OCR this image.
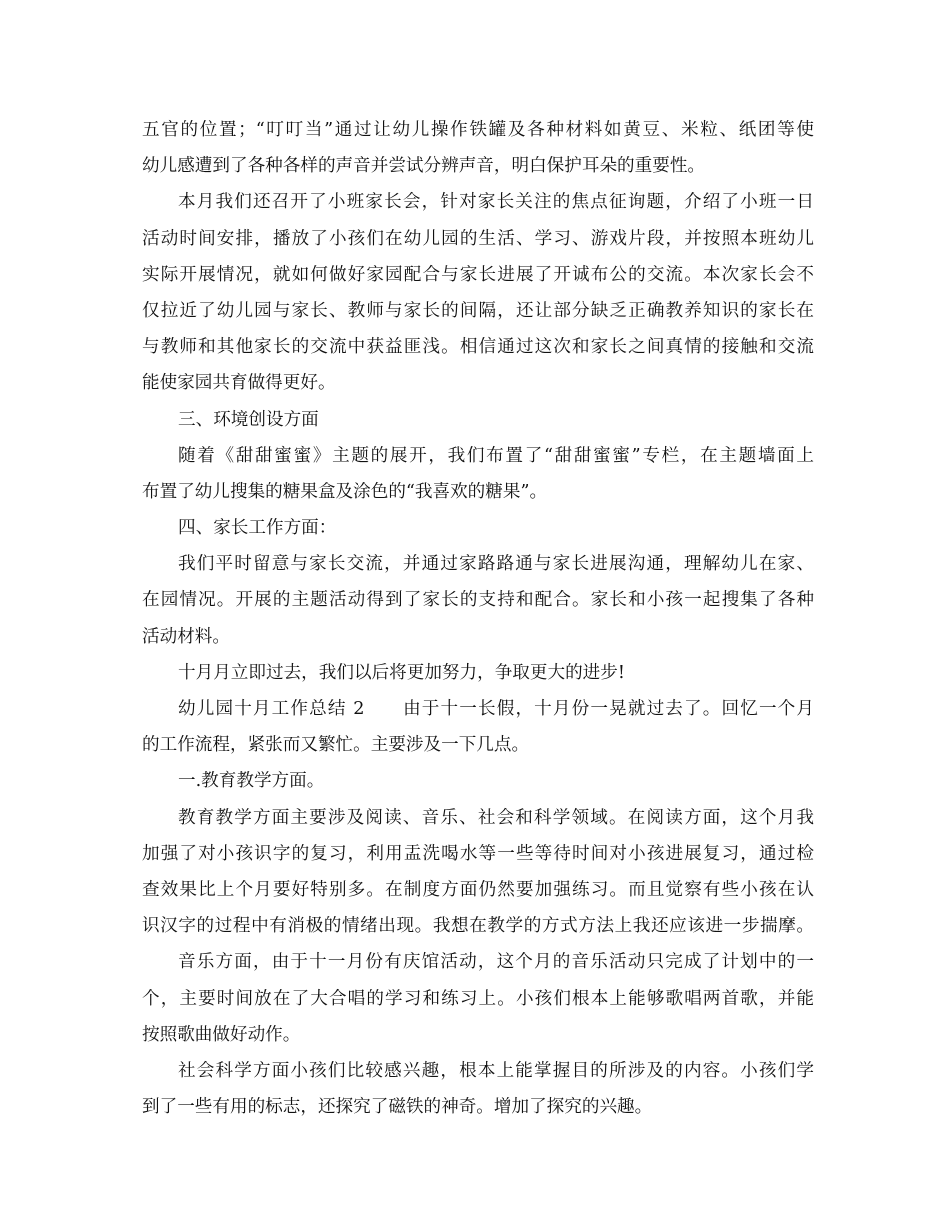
五官的位置；“叮叮当”通过让幼儿操作铁罐及各种材料如黄豆、米粒、纸团等使
幼儿感遭到了各种各样的声音并尝试分辨声音，明白保护耳朵的重要性。
本月我们还召开了小班家长会，针对家长关注的焦点征询题，介绍了小班一日
活动时间安排，播放了小孩们在幼儿园的生活、学习、游戏片段，并按照本班幼儿
实际开展情况，就如何做好家园配合与家长进展了开诚布公的交流。本次家长会不
仅拉近了幼儿园与家长、教师与家长的间隔，还让部分缺乏正确教养知识的家长在
与教师和其他家长的交流中获益匪浅。相信通过这次和家长之间真情的接触和交流
能使家园共育做得更好。
三、环境创设方面
随着《甜甜蜜蜜》主题的展开，我们布置了“甜甜蜜蜜”专栏，在主题墙面上
布置了幼儿搜集的糖果盒及涂色的“我喜欢的糖果”。
四、家长工作方面：
我们平时留意与家长交流，并通过家路路通与家长进展沟通，理解幼儿在家、
在园情况。开展的主题活动得到了家长的支持和配合。家长和小孩一起搜集了各种
活动材料。
十月月立即过去，我们以后将更加努力，争取更大的进步!
幼儿园十月工作总结 2　　由于十一长假，十月份一晃就过去了。回忆一个月
的工作流程，紧张而又繁忙。主要涉及一下几点。
一.教育教学方面。
教育教学方面主要涉及阅读、音乐、社会和科学领域。在阅读方面，这个月我
加强了对小孩识字的复习，利用盂洗喝水等一些等待时间对小孩进展复习，通过检
查效果比上个月要好特别多。在制度方面仍然要加强练习。而且觉察有些小孩在认
识汉字的过程中有消极的情绪出现。我想在教学的方式方法上我还应该进一步揣摩。
音乐方面，由于十一月份有庆馆活动，这个月的音乐活动只完成了计划中的一
个，主要时间放在了大合唱的学习和练习上。小孩们根本上能够歌唱两首歌，并能
按照歌曲做好动作。
社会科学方面小孩们比较感兴趣，根本上能掌握目的所涉及的内容。小孩们学
到了一些有用的标志，还探究了磁铁的神奇。增加了探究的兴趣。
